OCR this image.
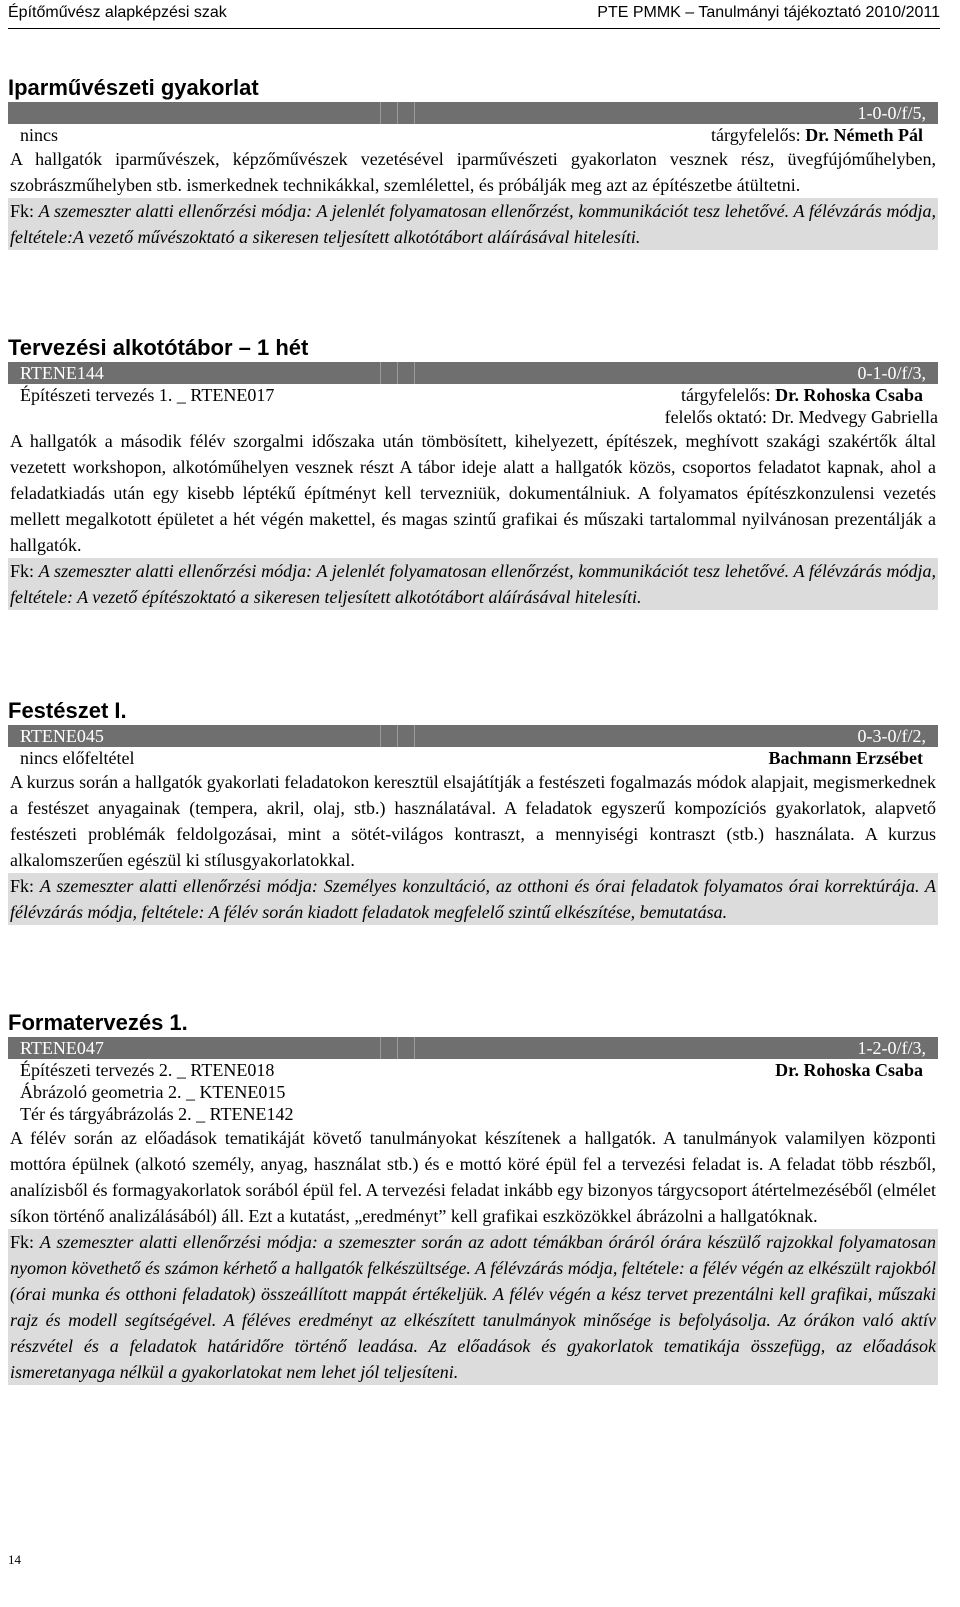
Építőművész alapképzési szak	PTE PMMK – Tanulmányi tájékoztató 2010/2011
Iparművészeti gyakorlat
1-0-0/f/5,
nincs	tárgyfelelős: Dr. Németh Pál

A hallgatók iparművészek, képzőművészek vezetésével iparművészeti gyakorlaton vesznek rész, üvegfújóműhelyben, szobrászműhelyben stb. ismerkednek technikákkal, szemlélettel, és próbálják meg azt az építészetbe átültetni.

Fk: A szemeszter alatti ellenőrzési módja: A jelenlét folyamatosan ellenőrzést, kommunikációt tesz lehetővé. A félévzárás módja, feltétele:A vezető művészoktató a sikeresen teljesített alkotótábort aláírásával hitelesíti.

Tervezési alkotótábor – 1 hét
RTENE144	0-1-0/f/3,
Építészeti tervezés 1. _ RTENE017	tárgyfelelős: Dr. Rohoska Csaba
felelős oktató: Dr. Medvegy Gabriella

A hallgatók a második félév szorgalmi időszaka után tömbösített, kihelyezett, építészek, meghívott szakági szakértők által vezetett workshopon, alkotóműhelyen vesznek részt A tábor ideje alatt a hallgatók közös, csoportos feladatot kapnak, ahol a feladatkiadás után egy kisebb léptékű építményt kell tervezniük, dokumentálniuk. A folyamatos építészkonzulensi vezetés mellett megalkotott épületet a hét végén makettel, és magas szintű grafikai és műszaki tartalommal nyilvánosan prezentálják a hallgatók.

Fk: A szemeszter alatti ellenőrzési módja: A jelenlét folyamatosan ellenőrzést, kommunikációt tesz lehetővé. A félévzárás módja, feltétele: A vezető építészoktató a sikeresen teljesített alkotótábort aláírásával hitelesíti.

Festészet I.
RTENE045	0-3-0/f/2,
nincs előfeltétel	Bachmann Erzsébet

A kurzus során a hallgatók gyakorlati feladatokon keresztül elsajátítják a festészeti fogalmazás módok alapjait, megismerkednek a festészet anyagainak (tempera, akril, olaj, stb.) használatával. A feladatok egyszerű kompozíciós gyakorlatok, alapvető festészeti problémák feldolgozásai, mint a sötét-világos kontraszt, a mennyiségi kontraszt (stb.) használata. A kurzus alkalomszerűen egészül ki stílusgyakorlatokkal.

Fk: A szemeszter alatti ellenőrzési módja: Személyes konzultáció, az otthoni és órai feladatok folyamatos órai korrektúrája. A félévzárás módja, feltétele: A félév során kiadott feladatok megfelelő szintű elkészítése, bemutatása.

Formatervezés 1.
RTENE047	1-2-0/f/3,
Építészeti tervezés 2. _ RTENE018	Dr. Rohoska Csaba
Ábrázoló geometria 2. _ KTENE015
Tér és tárgyábrázolás 2. _ RTENE142

A félév során az előadások tematikáját követő tanulmányokat készítenek a hallgatók. A tanulmányok valamilyen központi mottóra épülnek (alkotó személy, anyag, használat stb.) és e mottó köré épül fel a tervezési feladat is. A feladat több részből, analízisből és formagyakorlatok sorából épül fel. A tervezési feladat inkább egy bizonyos tárgycsoport átértelmezéséből (elmélet síkon történő analizálásából) áll. Ezt a kutatást, „eredményt” kell grafikai eszközökkel ábrázolni a hallgatóknak.

Fk: A szemeszter alatti ellenőrzési módja: a szemeszter során az adott témákban óráról órára készülő rajzokkal folyamatosan nyomon követhető és számon kérhető a hallgatók felkészültsége. A félévzárás módja, feltétele: a félév végén az elkészült rajokból (órai munka és otthoni feladatok) összeállított mappát értékeljük. A félév végén a kész tervet prezentálni kell grafikai, műszaki rajz és modell segítségével. A féléves eredményt az elkészített tanulmányok minősége is befolyásolja. Az órákon való aktív részvétel és a feladatok határidőre történő leadása. Az előadások és gyakorlatok tematikája összefügg, az előadások ismeretanyaga nélkül a gyakorlatokat nem lehet jól teljesíteni.

14
